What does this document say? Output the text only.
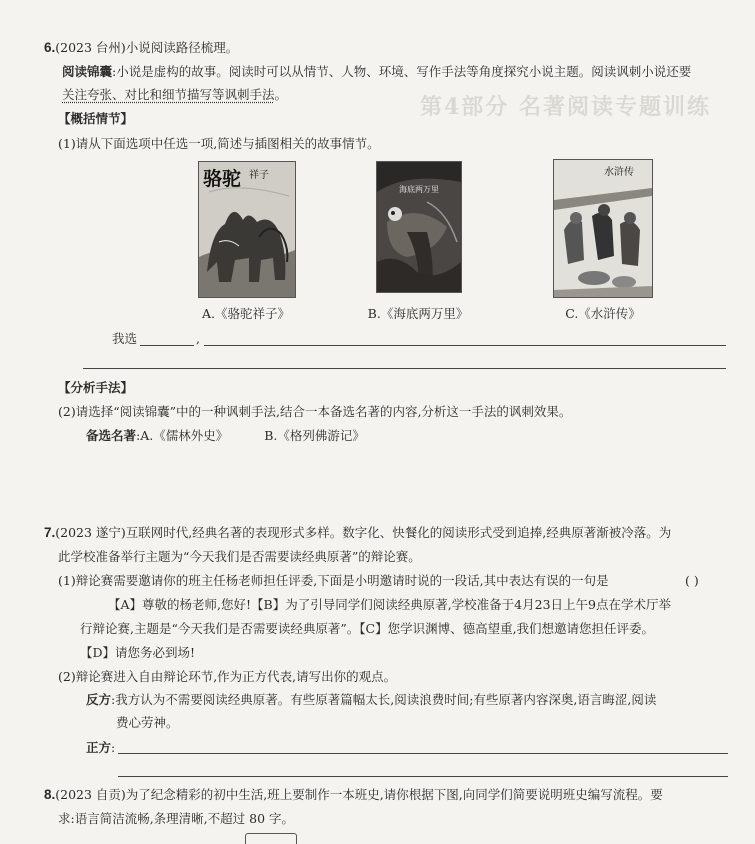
第4部分 名著阅读专题训练
6.(2023 台州)小说阅读路径梳理。
阅读锦囊:小说是虚构的故事。阅读时可以从情节、人物、环境、写作手法等角度探究小说主题。阅读讽刺小说还要
关注夸张、对比和细节描写等讽刺手法。
【概括情节】
(1)请从下面选项中任选一项,简述与插图相关的故事情节。
骆驼 祥子
海底两万里
水浒传
A.《骆驼祥子》	B.《海底两万里》	C.《水浒传》
我选	,
【分析手法】
(2)请选择“阅读锦囊”中的一种讽刺手法,结合一本备选名著的内容,分析这一手法的讽刺效果。
备选名著:A.《儒林外史》	B.《格列佛游记》
7.(2023 遂宁)互联网时代,经典名著的表现形式多样。数字化、快餐化的阅读形式受到追捧,经典原著渐被冷落。为
此学校准备举行主题为“今天我们是否需要读经典原著”的辩论赛。
(1)辩论赛需要邀请你的班主任杨老师担任评委,下面是小明邀请时说的一段话,其中表达有误的一句是	( )
【A】尊敬的杨老师,您好!【B】为了引导同学们阅读经典原著,学校准备于4月23日上午9点在学术厅举
行辩论赛,主题是“今天我们是否需要读经典原著”。【C】您学识渊博、德高望重,我们想邀请您担任评委。
【D】请您务必到场!
(2)辩论赛进入自由辩论环节,作为正方代表,请写出你的观点。
反方:我方认为不需要阅读经典原著。有些原著篇幅太长,阅读浪费时间;有些原著内容深奥,语言晦涩,阅读
费心劳神。
正方:
8.(2023 自贡)为了纪念精彩的初中生活,班上要制作一本班史,请你根据下图,向同学们简要说明班史编写流程。要
求:语言简洁流畅,条理清晰,不超过 80 字。
